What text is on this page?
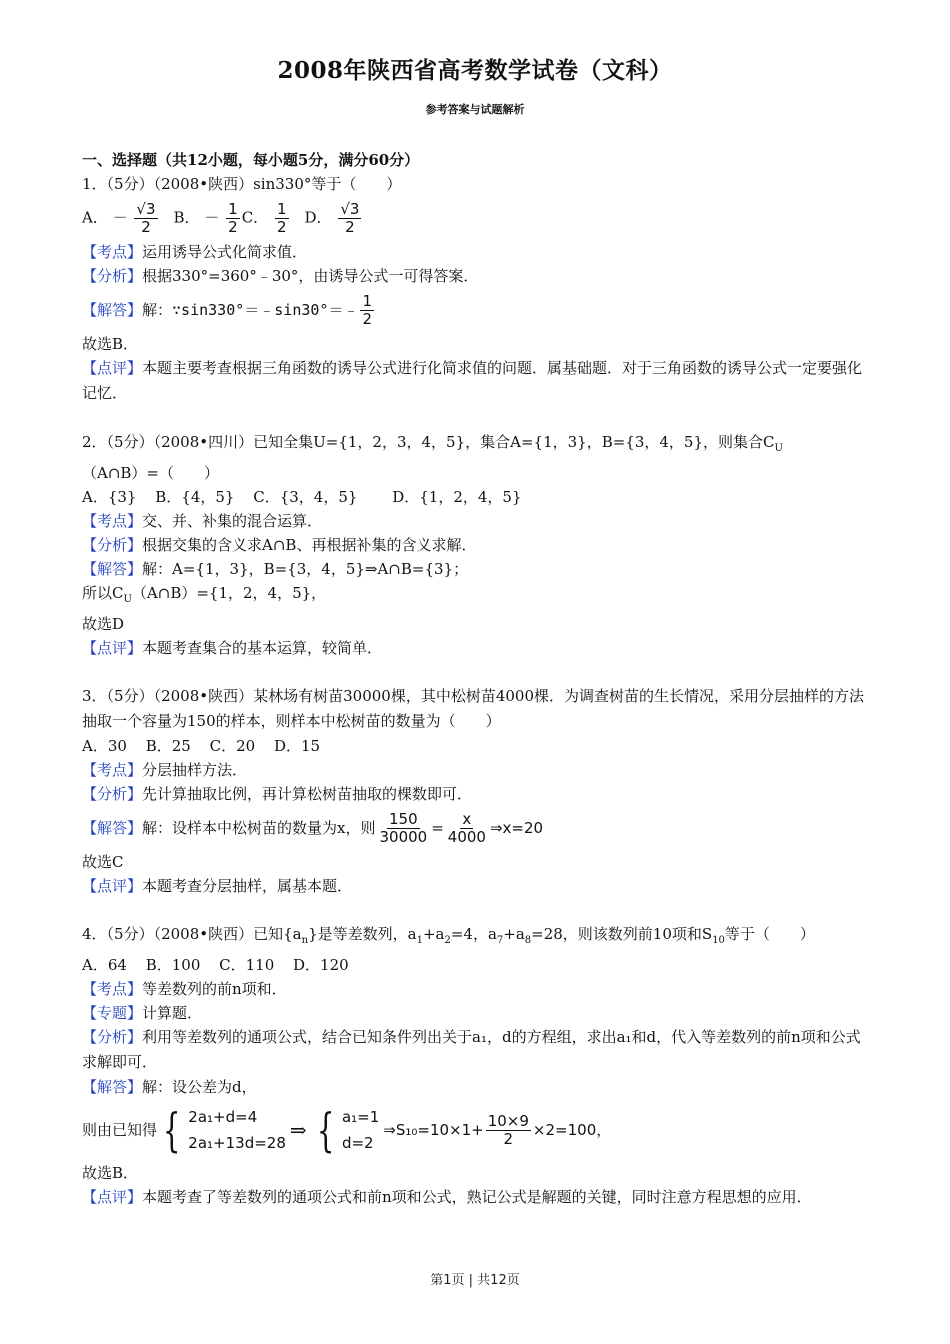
2008年陕西省高考数学试卷（文科）
参考答案与试题解析
一、选择题（共12小题，每小题5分，满分60分）
1．（5分）（2008•陕西）sin330°等于（　　）
A． － $\frac{√3}{2}$ B． － $\frac{1}{2}$ C． $\frac{1}{2}$ D． $\frac{√3}{2}$
【考点】运用诱导公式化简求值．
【分析】根据330°=360°﹣30°，由诱导公式一可得答案．
【解答】 解： ∵sin330°＝﹣sin30°＝﹣ $\frac{1}{2}$
故选B．
【点评】本题主要考查根据三角函数的诱导公式进行化简求值的问题．属基础题．对于三角函数的诱导公式一定要强化记忆．
2．（5分）（2008•四川）已知全集U={1，2，3，4，5}，集合A={1，3}，B={3，4，5}，则集合$C_U$
（A∩B）=（　　）
A．{3} B．{4，5} C．{3，4，5} D．{1，2，4，5}
【考点】交、并、补集的混合运算．
【分析】根据交集的含义求A∩B、再根据补集的含义求解．
【解答】解：A={1，3}，B={3，4，5}⇒A∩B={3}；
所以$C_U(A\cap B)=\{1$，2，4，5}，
故选D
【点评】本题考查集合的基本运算，较简单．
3．（5分）（2008•陕西）某林场有树苗30000棵，其中松树苗4000棵．为调查树苗的生长情况，采用分层抽样的方法抽取一个容量为150的样本，则样本中松树苗的数量为（　　）
A．30 B．25 C．20 D．15
【考点】分层抽样方法．
【分析】先计算抽取比例，再计算松树苗抽取的棵数即可．
【解答】 解：设样本中松树苗的数量为x，则 $\frac{150}{30000} = \frac{x}{4000}$ ⇒x=20
故选C
【点评】本题考查分层抽样，属基本题．
4．（5分）（2008•陕西）已知$\{a_n\}$是等差数列，$a_1+a_2=4$，$a_7+a_8=28$，则该数列前10项和$S_{10}$等于（　　）
A．64 B．100 C．110 D．120
【考点】等差数列的前n项和．
【专题】计算题．
【分析】利用等差数列的通项公式，结合已知条件列出关于a₁，d的方程组，求出a₁和d，代入等差数列的前n项和公式求解即可．
【解答】解：设公差为d，
则由已知得 { 2a₁+d=4
2a₁+13d=28
⇒ { a₁=1
d=2
⇒S₁₀=10×1+ $\frac{10\times 9}{2} \times 2=100$，
故选B．
【点评】本题考查了等差数列的通项公式和前n项和公式，熟记公式是解题的关键，同时注意方程思想的应用．
第1页 | 共12页
